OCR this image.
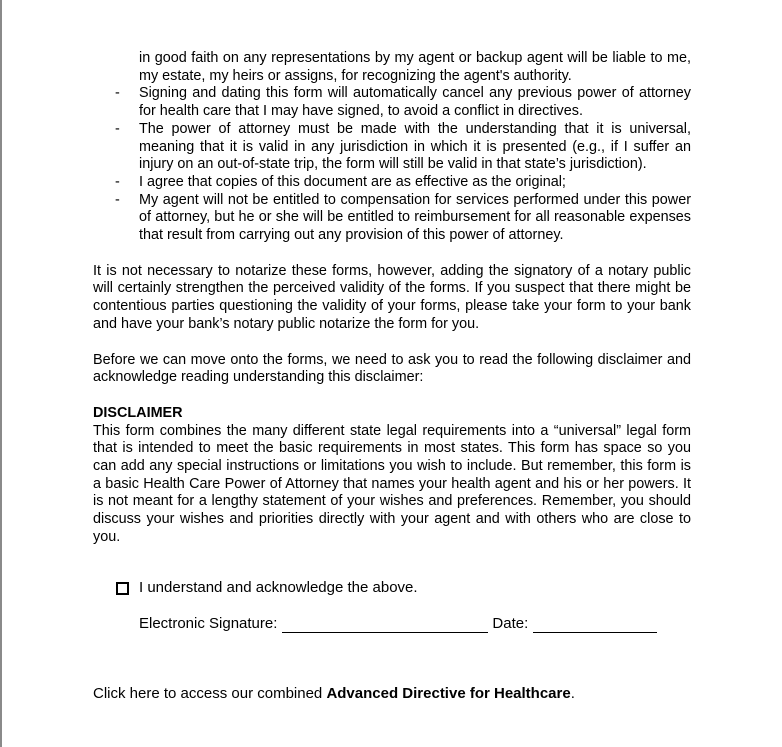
in good faith on any representations by my agent or backup agent will be liable to me, my estate, my heirs or assigns, for recognizing the agent's authority.
- Signing and dating this form will automatically cancel any previous power of attorney for health care that I may have signed, to avoid a conflict in directives.
- The power of attorney must be made with the understanding that it is universal, meaning that it is valid in any jurisdiction in which it is presented (e.g., if I suffer an injury on an out-of-state trip, the form will still be valid in that state’s jurisdiction).
- I agree that copies of this document are as effective as the original;
- My agent will not be entitled to compensation for services performed under this power of attorney, but he or she will be entitled to reimbursement for all reasonable expenses that result from carrying out any provision of this power of attorney.

It is not necessary to notarize these forms, however, adding the signatory of a notary public will certainly strengthen the perceived validity of the forms. If you suspect that there might be contentious parties questioning the validity of your forms, please take your form to your bank and have your bank’s notary public notarize the form for you.

Before we can move onto the forms, we need to ask you to read the following disclaimer and acknowledge reading understanding this disclaimer:

DISCLAIMER

This form combines the many different state legal requirements into a “universal” legal form that is intended to meet the basic requirements in most states. This form has space so you can add any special instructions or limitations you wish to include. But remember, this form is a basic Health Care Power of Attorney that names your health agent and his or her powers. It is not meant for a lengthy statement of your wishes and preferences. Remember, you should discuss your wishes and priorities directly with your agent and with others who are close to you.

I understand and acknowledge the above.
Electronic Signature:	Date:
Click here to access our combined Advanced Directive for Healthcare.
